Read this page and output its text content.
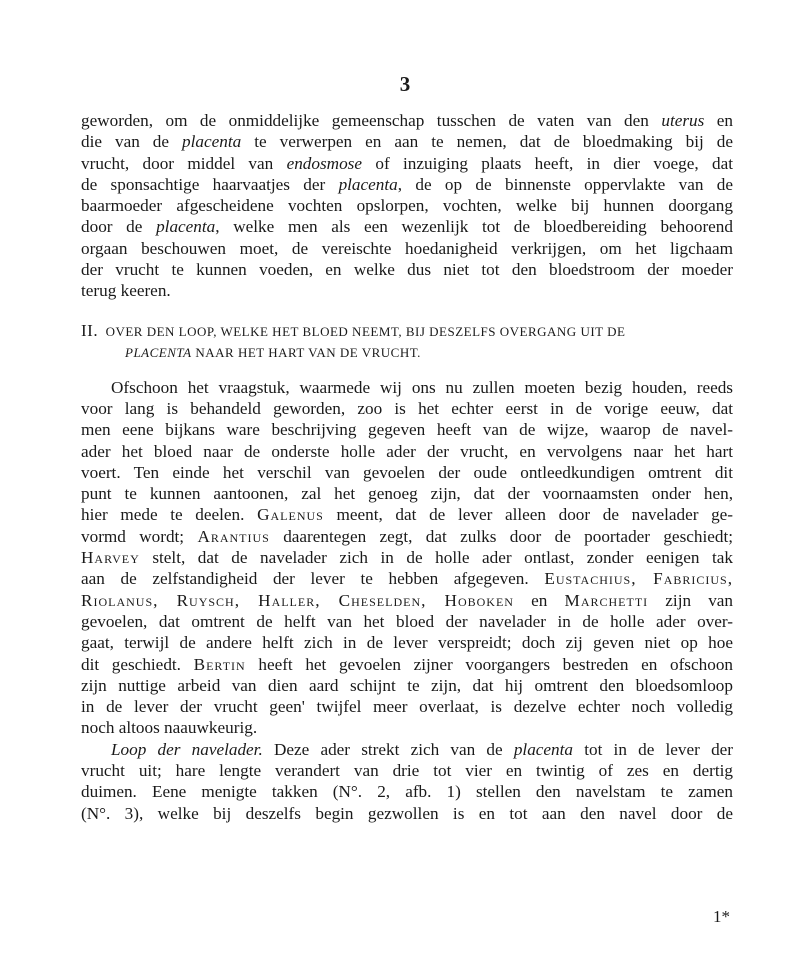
3

geworden, om de onmiddelijke gemeenschap tusschen de vaten van den uterus en
die van de placenta te verwerpen en aan te nemen, dat de bloedmaking bij de
vrucht, door middel van endosmose of inzuiging plaats heeft, in dier voege, dat
de sponsachtige haarvaatjes der placenta, de op de binnenste oppervlakte van de
baarmoeder afgescheidene vochten opslorpen, vochten, welke bij hunnen doorgang
door de placenta, welke men als een wezenlijk tot de bloedbereiding behoorend
orgaan beschouwen moet, de vereischte hoedanigheid verkrijgen, om het ligchaam
der vrucht te kunnen voeden, en welke dus niet tot den bloedstroom der moeder
terug keeren.

II. OVER DEN LOOP, WELKE HET BLOED NEEMT, BIJ DESZELFS OVERGANG UIT DE
PLACENTA NAAR HET HART VAN DE VRUCHT.

Ofschoon het vraagstuk, waarmede wij ons nu zullen moeten bezig houden, reeds
voor lang is behandeld geworden, zoo is het echter eerst in de vorige eeuw, dat
men eene bijkans ware beschrijving gegeven heeft van de wijze, waarop de navel-
ader het bloed naar de onderste holle ader der vrucht, en vervolgens naar het hart
voert. Ten einde het verschil van gevoelen der oude ontleedkundigen omtrent dit
punt te kunnen aantoonen, zal het genoeg zijn, dat der voornaamsten onder hen,
hier mede te deelen. Galenus meent, dat de lever alleen door de navelader ge-
vormd wordt; Arantius daarentegen zegt, dat zulks door de poortader geschiedt;
Harvey stelt, dat de navelader zich in de holle ader ontlast, zonder eenigen tak
aan de zelfstandigheid der lever te hebben afgegeven. Eustachius, Fabricius,
Riolanus, Ruysch, Haller, Cheselden, Hoboken en Marchetti zijn van
gevoelen, dat omtrent de helft van het bloed der navelader in de holle ader over-
gaat, terwijl de andere helft zich in de lever verspreidt; doch zij geven niet op hoe
dit geschiedt. Bertin heeft het gevoelen zijner voorgangers bestreden en ofschoon
zijn nuttige arbeid van dien aard schijnt te zijn, dat hij omtrent den bloedsomloop
in de lever der vrucht geen' twijfel meer overlaat, is dezelve echter noch volledig
noch altoos naauwkeurig.

Loop der navelader. Deze ader strekt zich van de placenta tot in de lever der
vrucht uit; hare lengte verandert van drie tot vier en twintig of zes en dertig
duimen. Eene menigte takken (N°. 2, afb. 1) stellen den navelstam te zamen
(N°. 3), welke bij deszelfs begin gezwollen is en tot aan den navel door de

1*
